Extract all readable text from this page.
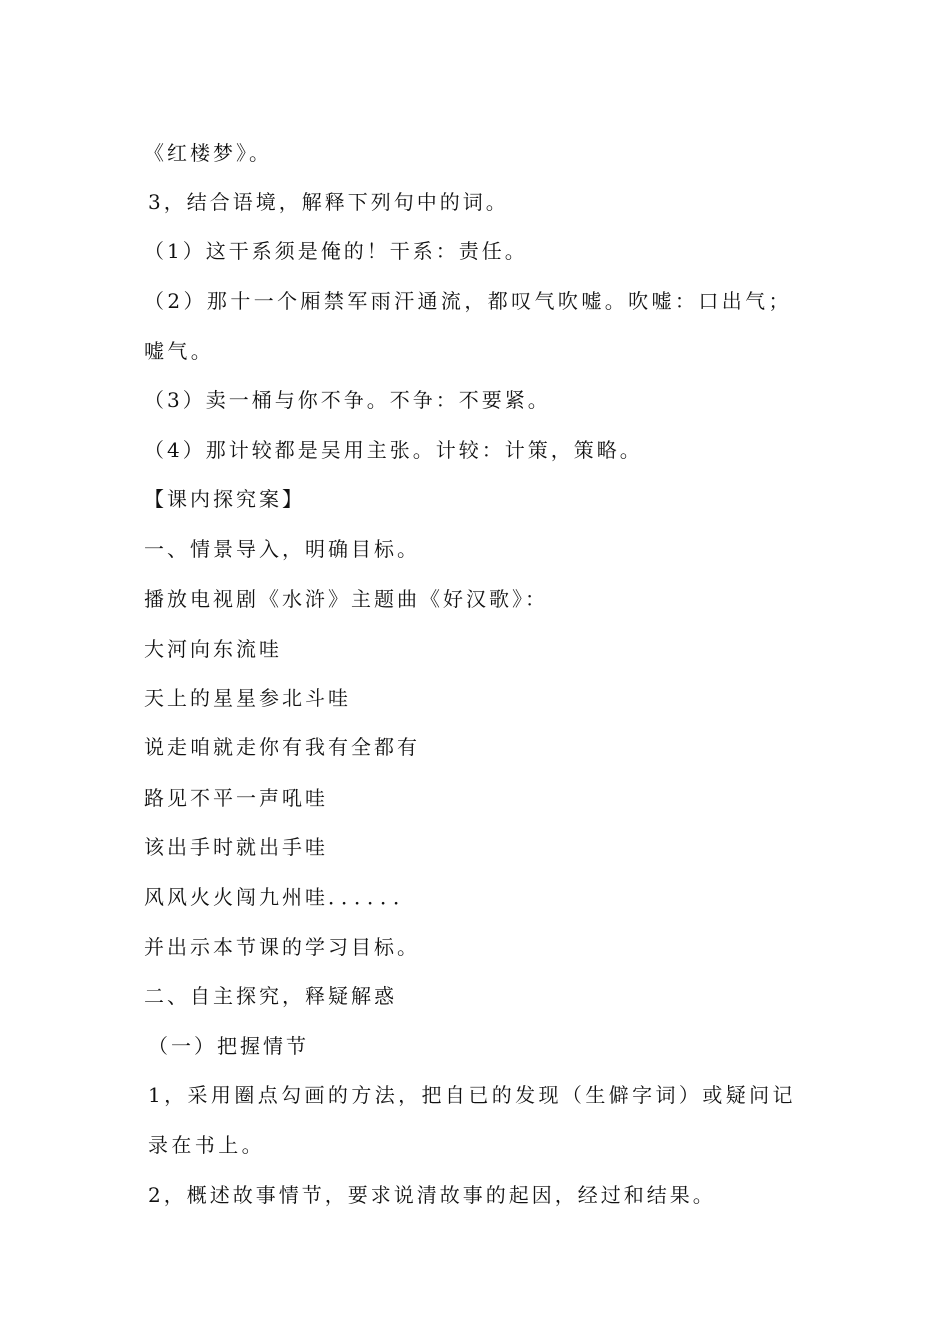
《红楼梦》。
3，结合语境，解释下列句中的词。
（1）这干系须是俺的！干系：责任。
（2）那十一个厢禁军雨汗通流，都叹气吹嘘。吹嘘：口出气；嘘气。
（3）卖一桶与你不争。不争：不要紧。
（4）那计较都是吴用主张。计较：计策，策略。
【课内探究案】
一、情景导入，明确目标。
播放电视剧《水浒》主题曲《好汉歌》：
大河向东流哇
天上的星星参北斗哇
说走咱就走你有我有全都有
路见不平一声吼哇
该出手时就出手哇
风风火火闯九州哇．．．．．．
并出示本节课的学习目标。
二、自主探究，释疑解惑
（一）把握情节
1，采用圈点勾画的方法，把自已的发现（生僻字词）或疑问记录在书上。
2，概述故事情节，要求说清故事的起因，经过和结果。
